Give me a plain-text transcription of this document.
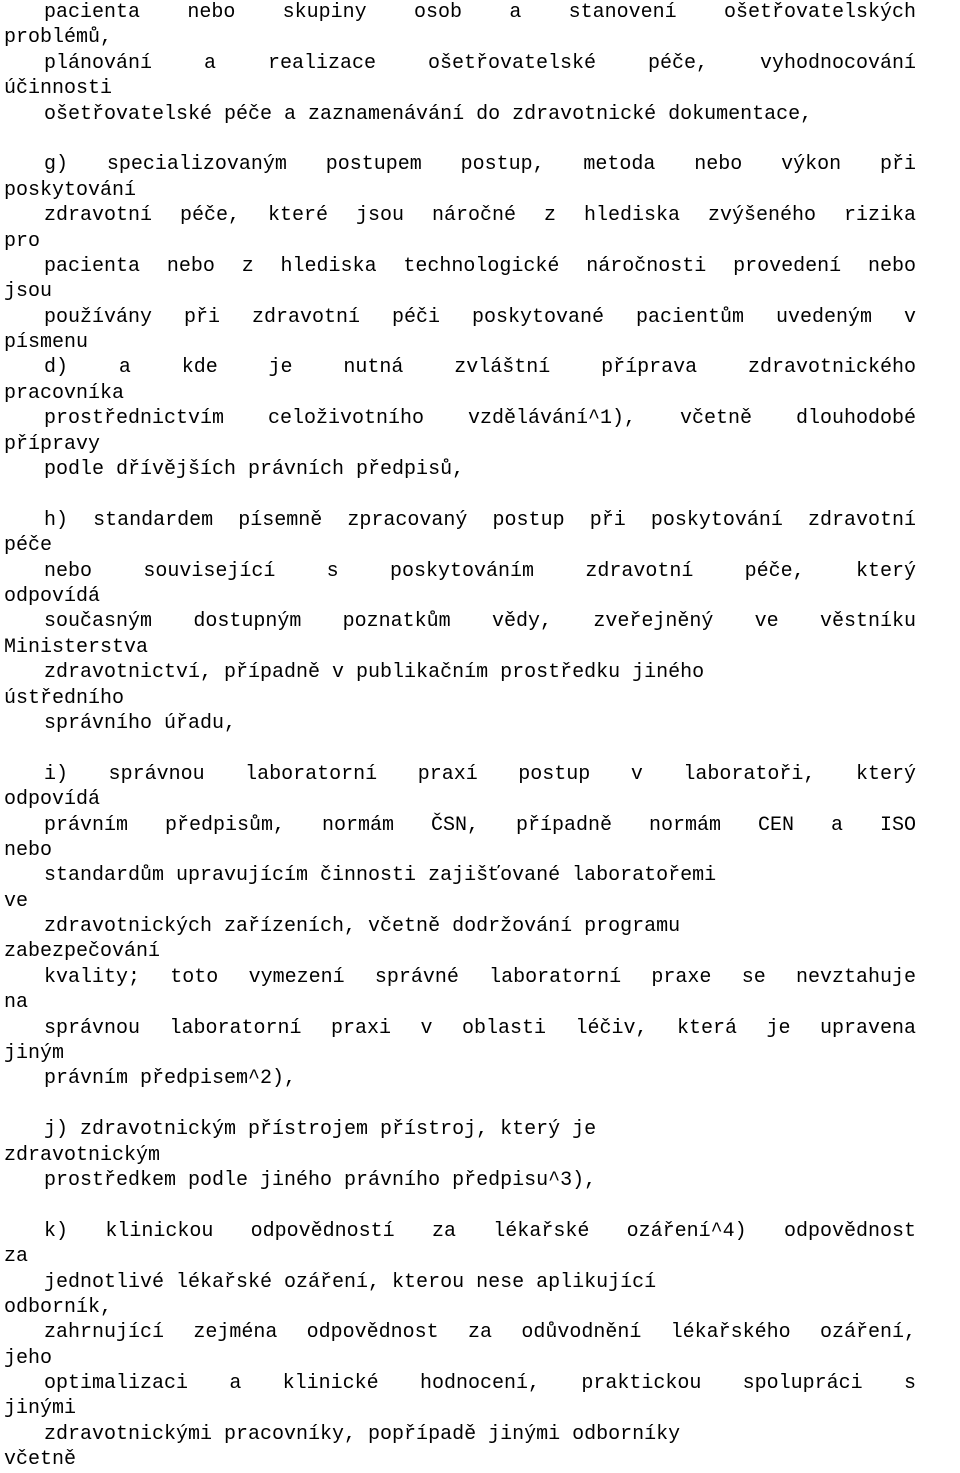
pacienta nebo skupiny osob a stanovení ošetřovatelských
problémů,
plánování a realizace ošetřovatelské péče, vyhodnocování
účinnosti
ošetřovatelské péče a zaznamenávání do zdravotnické dokumentace,
g) specializovaným postupem postup, metoda nebo výkon při
poskytování
zdravotní péče, které jsou náročné z hlediska zvýšeného rizika
pro
pacienta nebo z hlediska technologické náročnosti provedení nebo
jsou
používány při zdravotní péči poskytované pacientům uvedeným v
písmenu
d) a kde je nutná zvláštní příprava zdravotnického
pracovníka
prostřednictvím celoživotního vzdělávání^1), včetně dlouhodobé
přípravy
podle dřívějších právních předpisů,
h) standardem písemně zpracovaný postup při poskytování zdravotní
péče
nebo související s poskytováním zdravotní péče, který
odpovídá
současným dostupným poznatkům vědy, zveřejněný ve věstníku
Ministerstva
zdravotnictví, případně v publikačním prostředku jiného
ústředního
správního úřadu,
i) správnou laboratorní praxí postup v laboratoři, který
odpovídá
právním předpisům, normám ČSN, případně normám CEN a ISO
nebo
standardům upravujícím činnosti zajišťované laboratořemi
ve
zdravotnických zařízeních, včetně dodržování programu
zabezpečování
kvality; toto vymezení správné laboratorní praxe se nevztahuje
na
správnou laboratorní praxi v oblasti léčiv, která je upravena
jiným
právním předpisem^2),
j) zdravotnickým přístrojem přístroj, který je
zdravotnickým
prostředkem podle jiného právního předpisu^3),
k) klinickou odpovědností za lékařské ozáření^4) odpovědnost
za
jednotlivé lékařské ozáření, kterou nese aplikující
odborník,
zahrnující zejména odpovědnost za odůvodnění lékařského ozáření,
jeho
optimalizaci a klinické hodnocení, praktickou spolupráci s
jinými
zdravotnickými pracovníky, popřípadě jinými odborníky
včetně
